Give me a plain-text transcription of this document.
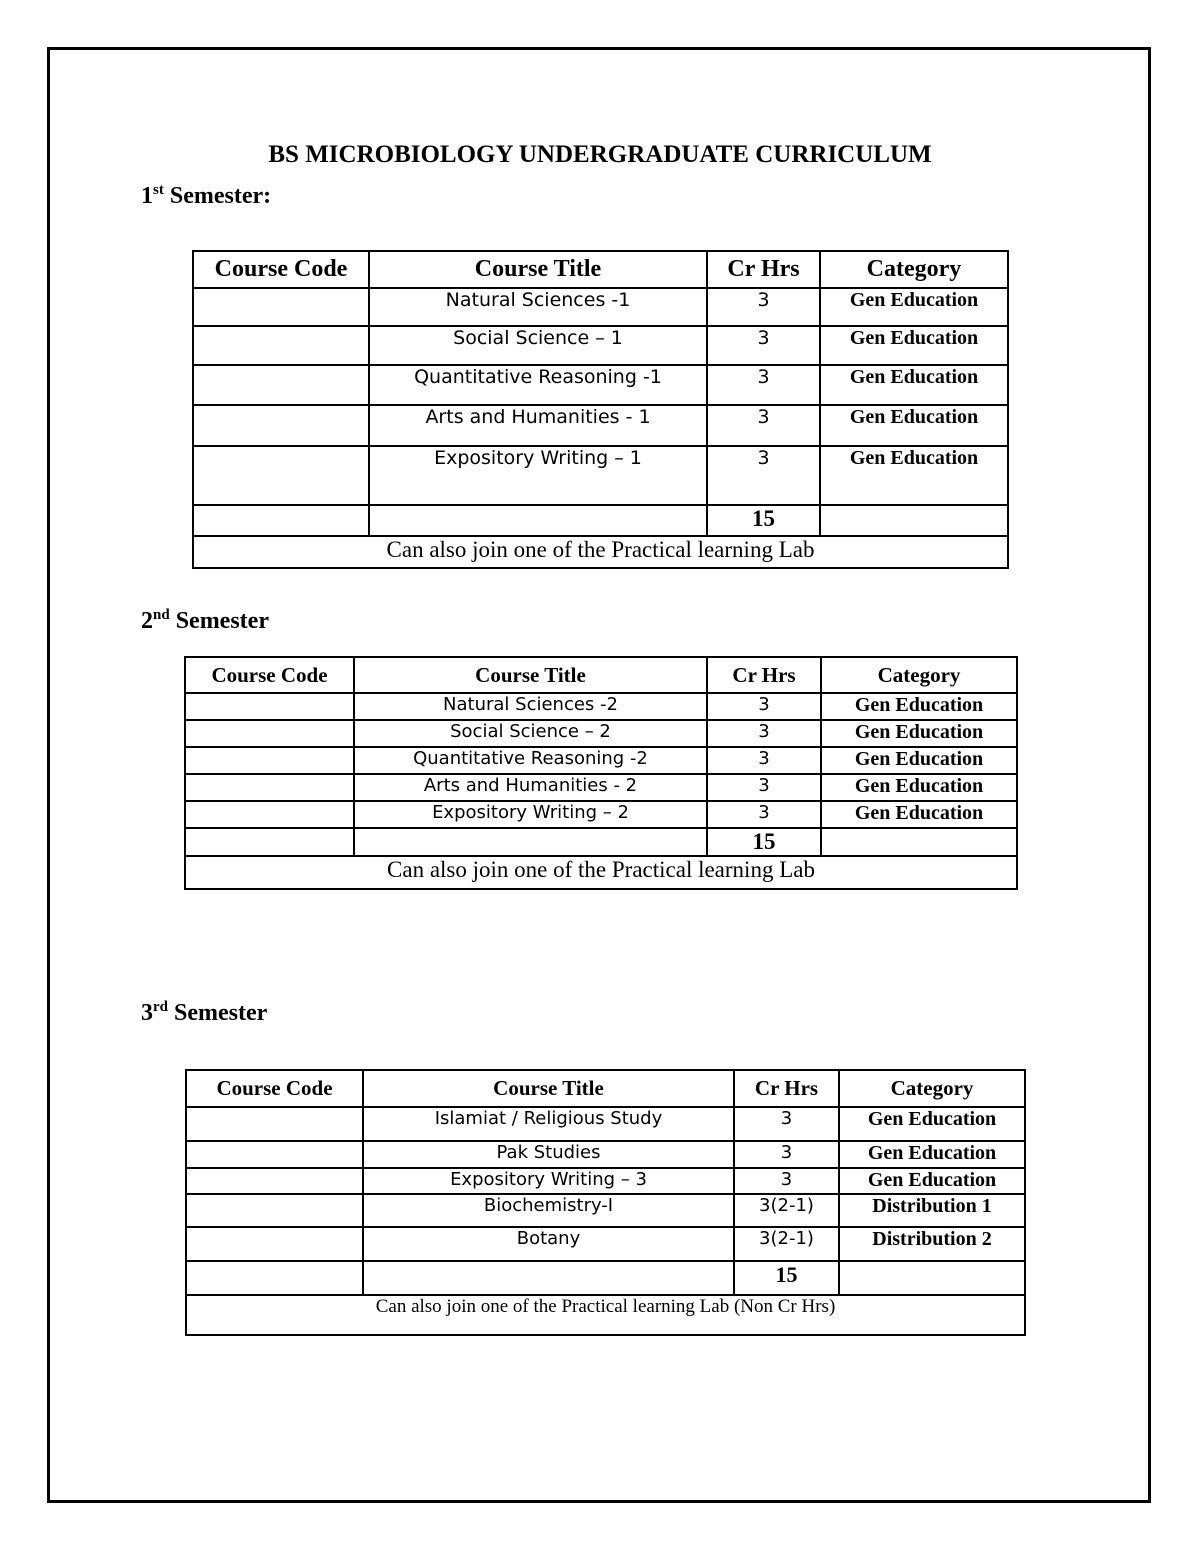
BS MICROBIOLOGY UNDERGRADUATE CURRICULUM
1st Semester:
Course Code	Course Title	Cr Hrs	Category
	Natural Sciences -1	3	Gen Education
	Social Science – 1	3	Gen Education
	Quantitative Reasoning -1	3	Gen Education
	Arts and Humanities - 1	3	Gen Education
	Expository Writing – 1	3	Gen Education
		15	
Can also join one of the Practical learning Lab			
2nd Semester
Course Code	Course Title	Cr Hrs	Category
	Natural Sciences -2	3	Gen Education
	Social Science – 2	3	Gen Education
	Quantitative Reasoning -2	3	Gen Education
	Arts and Humanities - 2	3	Gen Education
	Expository Writing – 2	3	Gen Education
		15	
Can also join one of the Practical learning Lab			
3rd Semester
Course Code	Course Title	Cr Hrs	Category
	Islamiat / Religious Study	3	Gen Education
	Pak Studies	3	Gen Education
	Expository Writing – 3	3	Gen Education
	Biochemistry-I	3(2-1)	Distribution 1
	Botany	3(2-1)	Distribution 2
		15	
Can also join one of the Practical learning Lab (Non Cr Hrs)			
